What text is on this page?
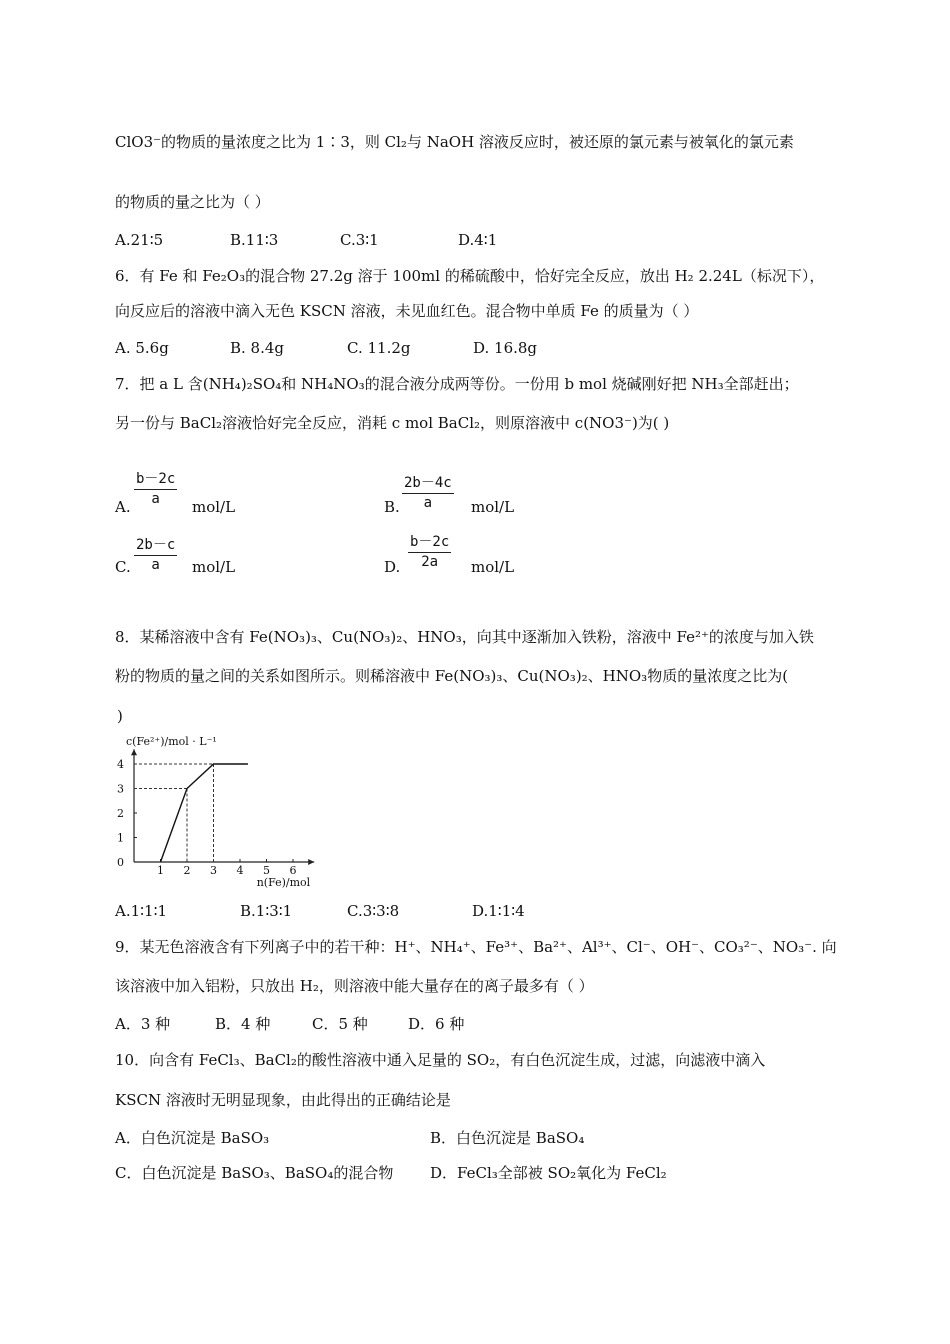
ClO3⁻的物质的量浓度之比为 1∶3，则 Cl₂与 NaOH 溶液反应时，被还原的氯元素与被氧化的氯元素
的物质的量之比为（ ）
A.21∶5	B.11∶3	C.3∶1	D.4∶1
6．有 Fe 和 Fe₂O₃的混合物 27.2g 溶于 100ml 的稀硫酸中，恰好完全反应，放出 H₂ 2.24L（标况下），
向反应后的溶液中滴入无色 KSCN 溶液，未见血红色。混合物中单质 Fe 的质量为（ ）
A. 5.6g	B. 8.4g	C. 11.2g	D. 16.8g
7．把 a L 含(NH₄)₂SO₄和 NH₄NO₃的混合液分成两等份。一份用 b mol 烧碱刚好把 NH₃全部赶出；
另一份与 BaCl₂溶液恰好完全反应，消耗 c mol BaCl₂，则原溶液中 c(NO3⁻)为( )
A. $\frac{b-2c}{a} mol/L$	B. $\frac{2b-4c}{a} mol/L$
C. $\frac{2b-c}{a} mol/L$	D. $\frac{b-2c}{2a} mol/L$
8．某稀溶液中含有 Fe(NO₃)₃、Cu(NO₃)₂、HNO₃，向其中逐渐加入铁粉，溶液中 Fe²⁺的浓度与加入铁
粉的物质的量之间的关系如图所示。则稀溶液中 Fe(NO₃)₃、Cu(NO₃)₂、HNO₃物质的量浓度之比为(
)
1 2 3 4 5 6
0
1
2
3
4
c(Fe²⁺)/mol · L⁻¹
n(Fe)/mol
A.1∶1∶1	B.1∶3∶1	C.3∶3∶8	D.1∶1∶4
9．某无色溶液含有下列离子中的若干种：H⁺、NH₄⁺、Fe³⁺、Ba²⁺、Al³⁺、Cl⁻、OH⁻、CO₃²⁻、NO₃⁻. 向
该溶液中加入铝粉，只放出 H₂，则溶液中能大量存在的离子最多有（ ）
A．3 种	B．4 种	C．5 种	D．6 种
10．向含有 FeCl₃、BaCl₂的酸性溶液中通入足量的 SO₂，有白色沉淀生成，过滤，向滤液中滴入
KSCN 溶液时无明显现象，由此得出的正确结论是
A．白色沉淀是 BaSO₃	B．白色沉淀是 BaSO₄
C．白色沉淀是 BaSO₃、BaSO₄的混合物 D．FeCl₃全部被 SO₂氧化为 FeCl₂
